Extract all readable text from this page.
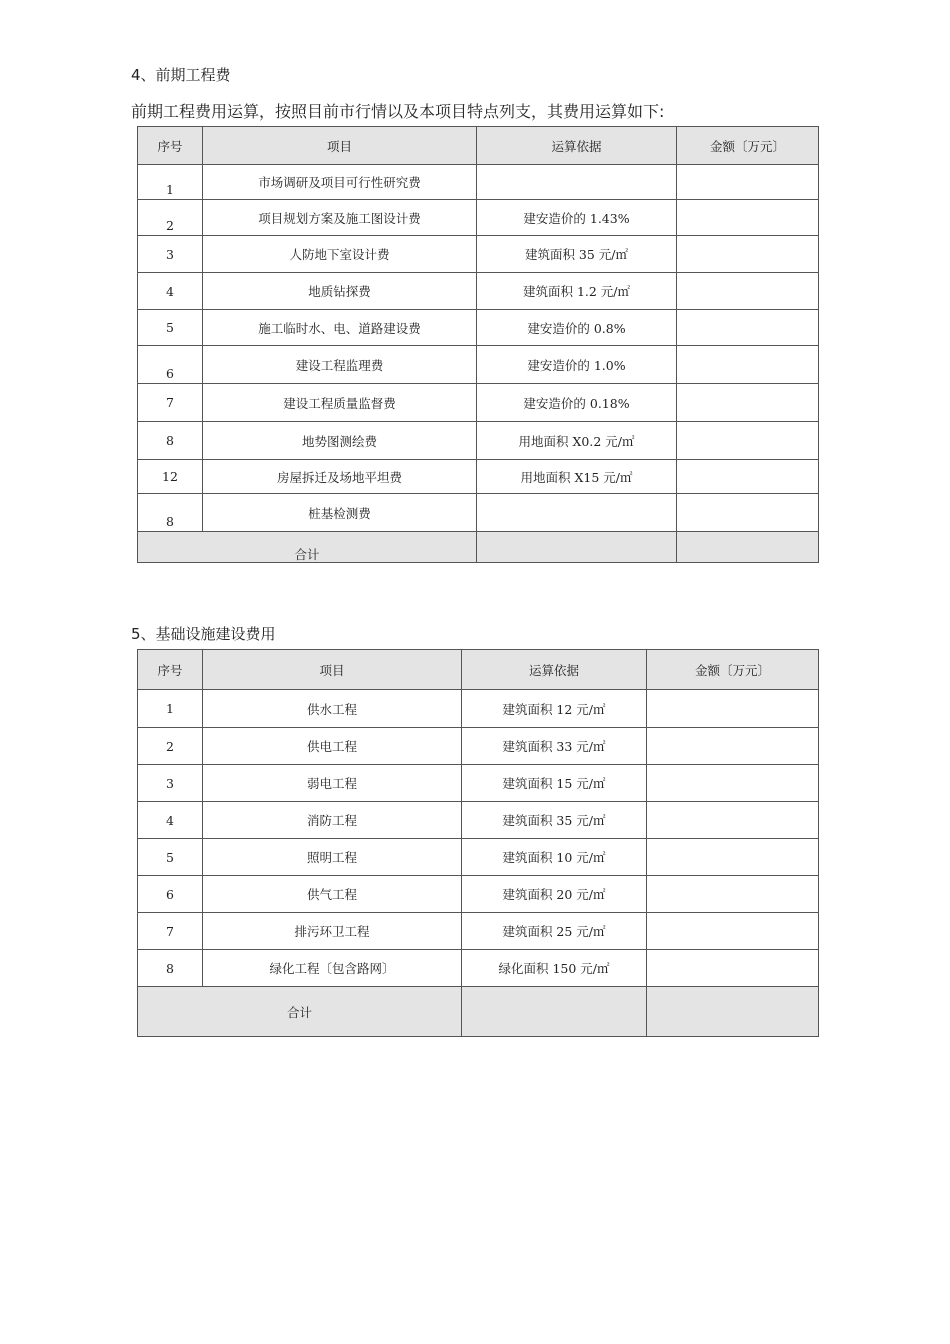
4、前期工程费
前期工程费用运算，按照目前市行情以及本项目特点列支，其费用运算如下:
序号	项目	运算依据	金额〔万元〕
1	市场调研及项目可行性研究费		
2	项目规划方案及施工图设计费	建安造价的 1.43%	
3	人防地下室设计费	建筑面积 35 元/㎡	
4	地质钻探费	建筑面积 1.2 元/㎡	
5	施工临时水、电、道路建设费	建安造价的 0.8%	
6	建设工程监理费	建安造价的 1.0%	
7	建设工程质量监督费	建安造价的 0.18%	
8	地势图测绘费	用地面积 X0.2 元/㎡	
12	房屋拆迁及场地平坦费	用地面积 X15 元/㎡	
8	桩基检测费		
合计			
5、基础设施建设费用
序号	项目	运算依据	金额〔万元〕
1	供水工程	建筑面积 12 元/㎡	
2	供电工程	建筑面积 33 元/㎡	
3	弱电工程	建筑面积 15 元/㎡	
4	消防工程	建筑面积 35 元/㎡	
5	照明工程	建筑面积 10 元/㎡	
6	供气工程	建筑面积 20 元/㎡	
7	排污环卫工程	建筑面积 25 元/㎡	
8	绿化工程〔包含路网〕	绿化面积 150 元/㎡	
合计			
